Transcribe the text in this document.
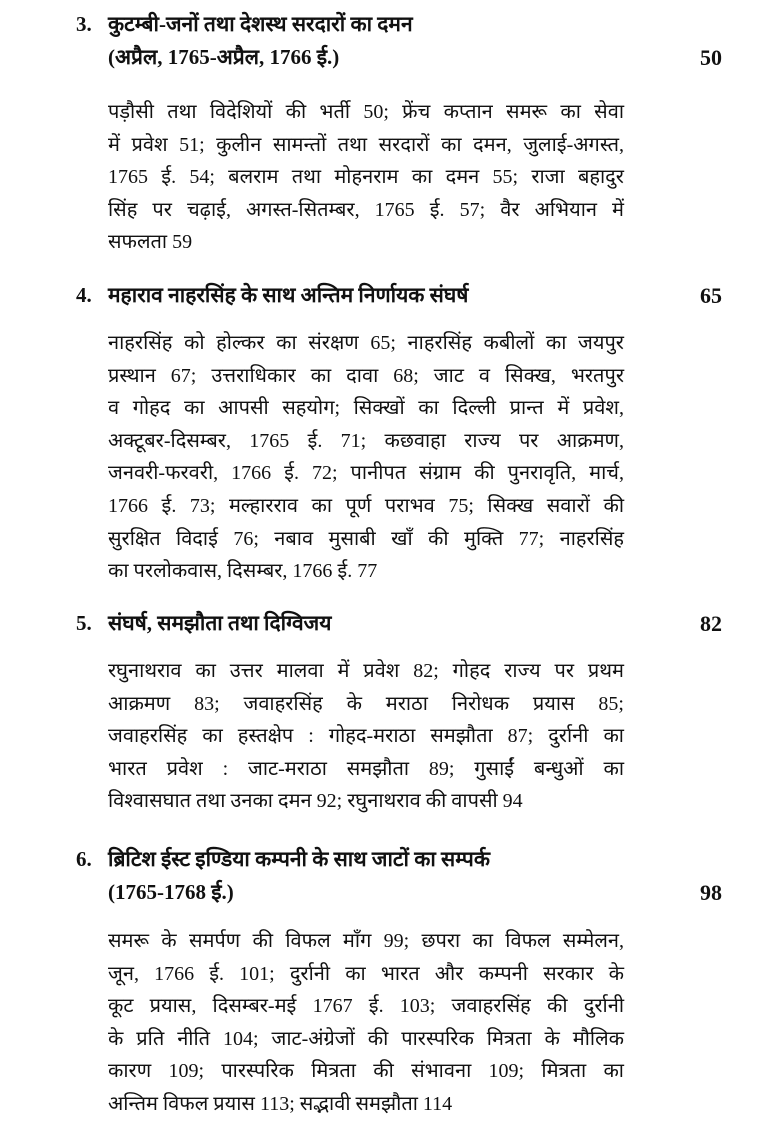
3. कुटम्बी-जनों तथा देशस्थ सरदारों का दमन
(अप्रैल, 1765-अप्रैल, 1766 ई.)	50
पड़ौसी तथा विदेशियों की भर्ती 50; फ्रेंच कप्तान समरू का सेवा
में प्रवेश 51; कुलीन सामन्तों तथा सरदारों का दमन, जुलाई-अगस्त,
1765 ई. 54; बलराम तथा मोहनराम का दमन 55; राजा बहादुर
सिंह पर चढ़ाई, अगस्त-सितम्बर, 1765 ई. 57; वैर अभियान में
सफलता 59
4. महाराव नाहरसिंह के साथ अन्तिम निर्णायक संघर्ष	65
नाहरसिंह को होल्कर का संरक्षण 65; नाहरसिंह कबीलों का जयपुर
प्रस्थान 67; उत्तराधिकार का दावा 68; जाट व सिक्ख, भरतपुर
व गोहद का आपसी सहयोग; सिक्खों का दिल्ली प्रान्त में प्रवेश,
अक्टूबर-दिसम्बर, 1765 ई. 71; कछवाहा राज्य पर आक्रमण,
जनवरी-फरवरी, 1766 ई. 72; पानीपत संग्राम की पुनरावृति, मार्च,
1766 ई. 73; मल्हारराव का पूर्ण पराभव 75; सिक्ख सवारों की
सुरक्षित विदाई 76; नबाव मुसाबी खाँ की मुक्ति 77; नाहरसिंह
का परलोकवास, दिसम्बर, 1766 ई. 77
5. संघर्ष, समझौता तथा दिग्विजय	82
रघुनाथराव का उत्तर मालवा में प्रवेश 82; गोहद राज्य पर प्रथम
आक्रमण 83; जवाहरसिंह के मराठा निरोधक प्रयास 85;
जवाहरसिंह का हस्तक्षेप : गोहद-मराठा समझौता 87; दुर्रानी का
भारत प्रवेश : जाट-मराठा समझौता 89; गुसाईं बन्धुओं का
विश्वासघात तथा उनका दमन 92; रघुनाथराव की वापसी 94
6. ब्रिटिश ईस्ट इण्डिया कम्पनी के साथ जाटों का सम्पर्क
(1765-1768 ई.)	98
समरू के समर्पण की विफल माँग 99; छपरा का विफल सम्मेलन,
जून, 1766 ई. 101; दुर्रानी का भारत और कम्पनी सरकार के
कूट प्रयास, दिसम्बर-मई 1767 ई. 103; जवाहरसिंह की दुर्रानी
के प्रति नीति 104; जाट-अंग्रेजों की पारस्परिक मित्रता के मौलिक
कारण 109; पारस्परिक मित्रता की संभावना 109; मित्रता का
अन्तिम विफल प्रयास 113; सद्भावी समझौता 114
